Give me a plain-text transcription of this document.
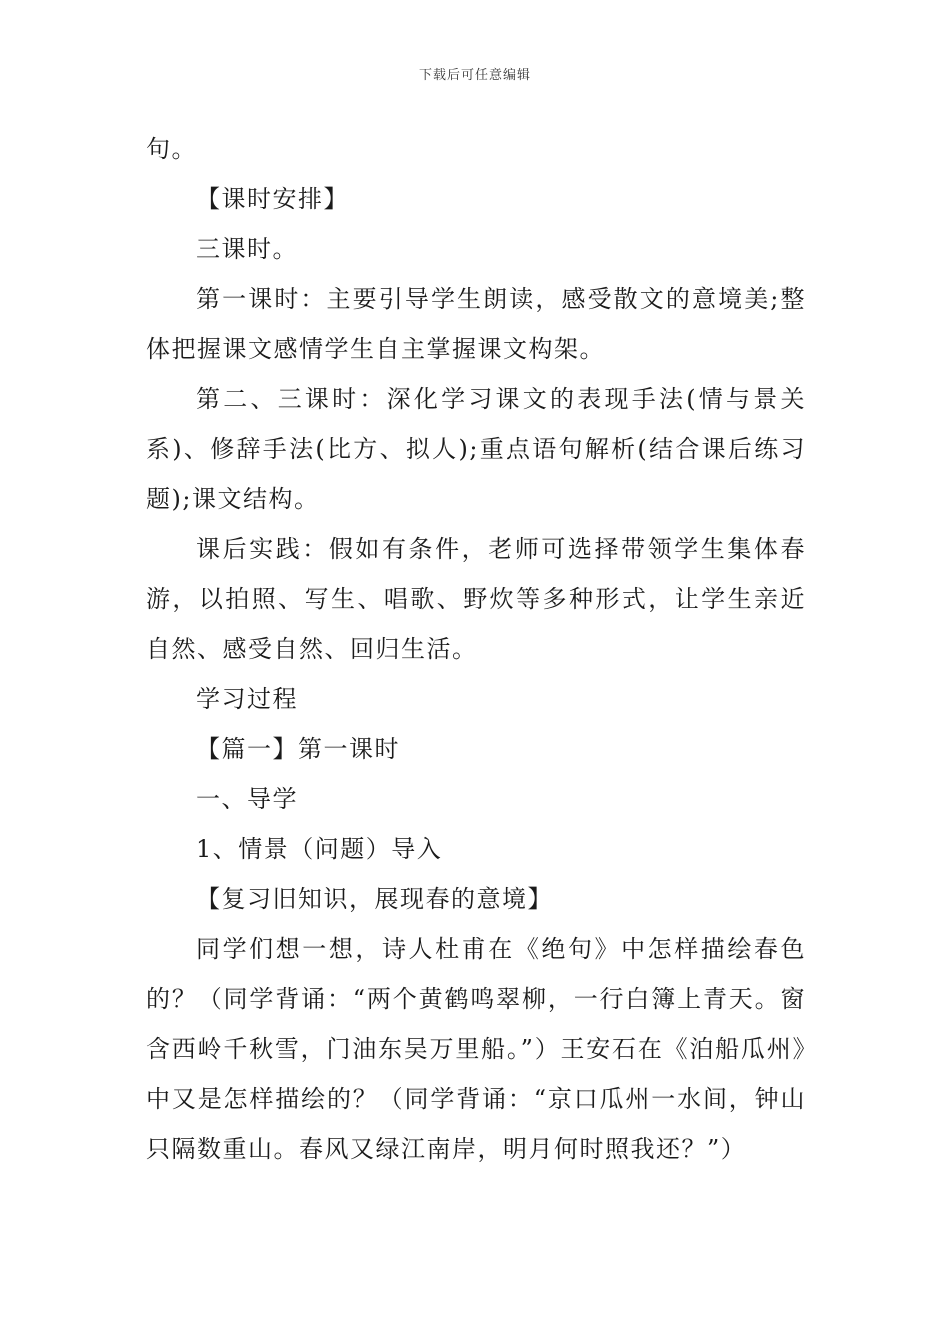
下载后可任意编辑

句。

【课时安排】

三课时。

第一课时：主要引导学生朗读，感受散文的意境美;整体把握课文感情学生自主掌握课文构架。

第二、三课时：深化学习课文的表现手法(情与景关系)、修辞手法(比方、拟人);重点语句解析(结合课后练习题);课文结构。

课后实践：假如有条件，老师可选择带领学生集体春游，以拍照、写生、唱歌、野炊等多种形式，让学生亲近自然、感受自然、回归生活。

学习过程

【篇一】第一课时

一、导学

1、情景（问题）导入

【复习旧知识，展现春的意境】

同学们想一想，诗人杜甫在《绝句》中怎样描绘春色的？（同学背诵：“两个黄鹤鸣翠柳，一行白簿上青天。窗含西岭千秋雪，门油东吴万里船。”）王安石在《泊船瓜州》中又是怎样描绘的？（同学背诵：“京口瓜州一水间，钟山只隔数重山。春风又绿江南岸，明月何时照我还？”）
